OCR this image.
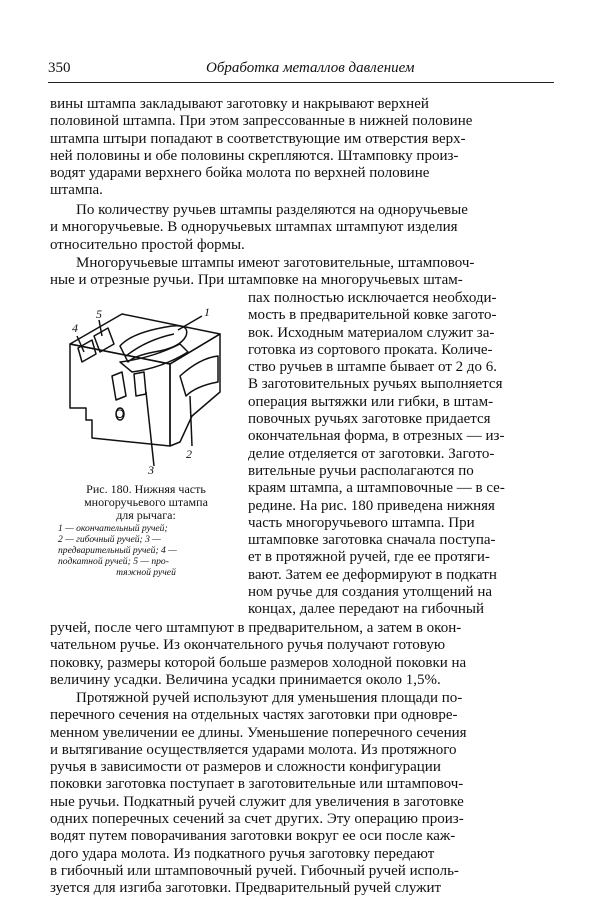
350	Обработка металлов давлением
вины штампа закладывают заготовку и накрывают верхней
половиной штампа. При этом запрессованные в нижней половине
штампа штыри попадают в соответствующие им отверстия верх-
ней половины и обе половины скрепляются. Штамповку произ-
водят ударами верхнего бойка молота по верхней половине
штампа.
По количеству ручьев штампы разделяются на одноручьевые
и многоручьевые. В одноручьевых штампах штампуют изделия
относительно простой формы.
Многоручьевые штампы имеют заготовительные, штамповоч-
ные и отрезные ручьи. При штамповке на многоручьевых штам-
пах полностью исключается необходи-
мость в предварительной ковке загото-
вок. Исходным материалом служит за-
готовка из сортового проката. Количе-
ство ручьев в штампе бывает от 2 до 6.
В заготовительных ручьях выполняется
операция вытяжки или гибки, в штам-
повочных ручьях заготовке придается
окончательная форма, в отрезных — из-
делие отделяется от заготовки. Загото-
вительные ручьи располагаются по
краям штампа, а штамповочные — в се-
редине. На рис. 180 приведена нижняя
часть многоручьевого штампа. При
штамповке заготовка сначала поступа-
ет в протяжной ручей, где ее протяги-
вают. Затем ее деформируют в подкатн
ном ручье для создания утолщений на
концах, далее передают на гибочный
4
5	1
2
3
O
Рис. 180. Нижняя часть
многоручьевого штампа
для рычага:
1 — окончательный ручей;
2 — гибочный ручей; 3 —
предварительный ручей; 4 —
подкатной ручей; 5 — про-
тяжной ручей
ручей, после чего штампуют в предварительном, а затем в окон-
чательном ручье. Из окончательного ручья получают готовую
поковку, размеры которой больше размеров холодной поковки на
величину усадки. Величина усадки принимается около 1,5%.
Протяжной ручей используют для уменьшения площади по-
перечного сечения на отдельных частях заготовки при одновре-
менном увеличении ее длины. Уменьшение поперечного сечения
и вытягивание осуществляется ударами молота. Из протяжного
ручья в зависимости от размеров и сложности конфигурации
поковки заготовка поступает в заготовительные или штамповоч-
ные ручьи. Подкатный ручей служит для увеличения в заготовке
одних поперечных сечений за счет других. Эту операцию произ-
водят путем поворачивания заготовки вокруг ее оси после каж-
дого удара молота. Из подкатного ручья заготовку передают
в гибочный или штамповочный ручей. Гибочный ручей исполь-
зуется для изгиба заготовки. Предварительный ручей служит
